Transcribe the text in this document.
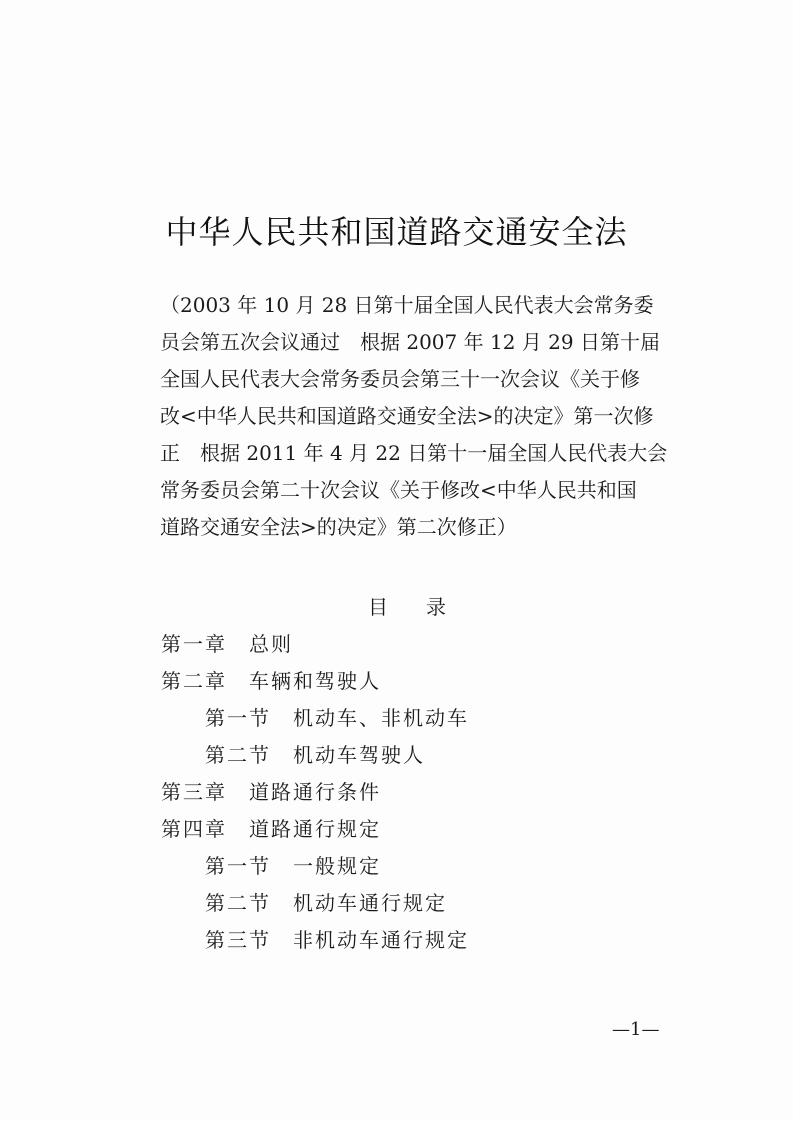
中华人民共和国道路交通安全法
（2003 年 10 月 28 日第十届全国人民代表大会常务委
员会第五次会议通过　根据 2007 年 12 月 29 日第十届
全国人民代表大会常务委员会第三十一次会议《关于修
改<中华人民共和国道路交通安全法>的决定》第一次修
正　根据 2011 年 4 月 22 日第十一届全国人民代表大会
常务委员会第二十次会议《关于修改<中华人民共和国
道路交通安全法>的决定》第二次修正）
目录
第一章 总则
第二章 车辆和驾驶人
第一节 机动车、非机动车
第二节 机动车驾驶人
第三章 道路通行条件
第四章 道路通行规定
第一节 一般规定
第二节 机动车通行规定
第三节 非机动车通行规定
—1—
